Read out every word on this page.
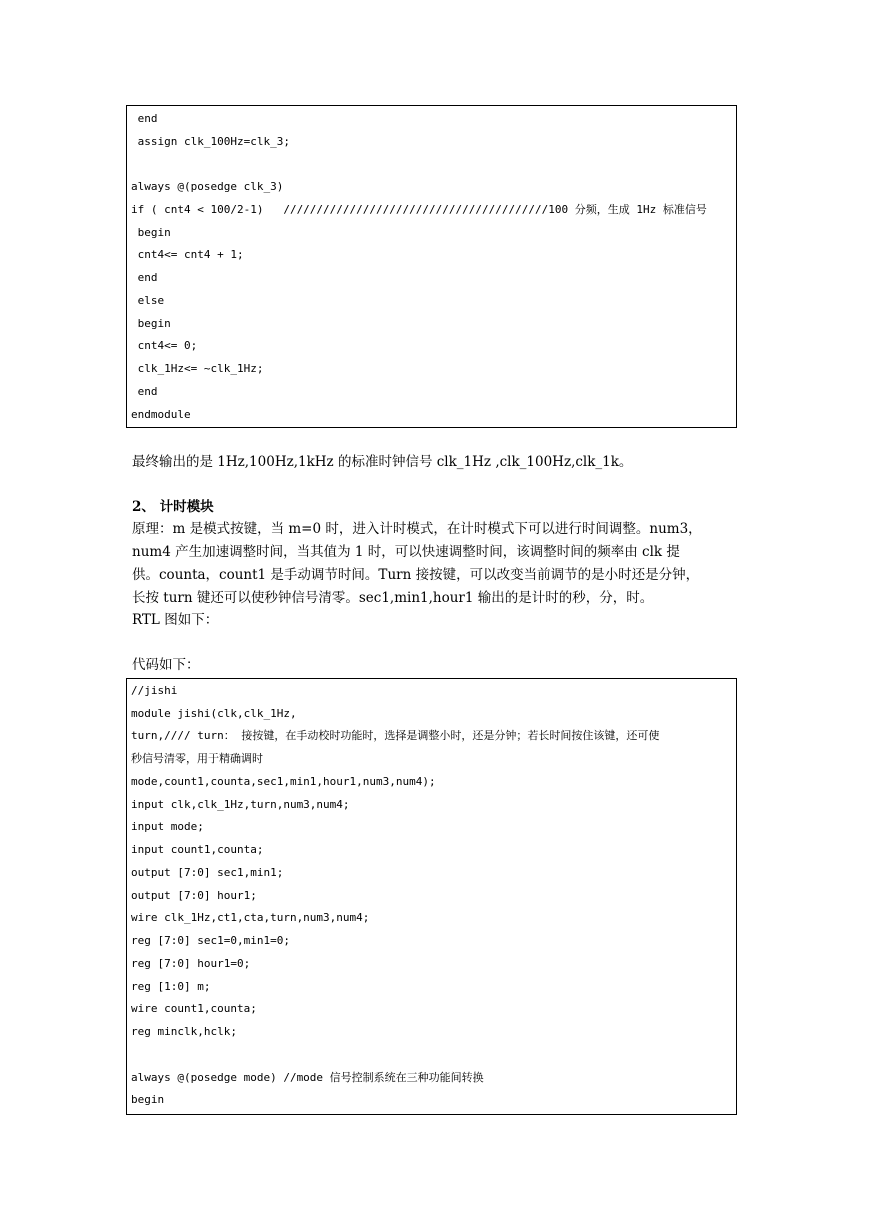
end
assign clk_100Hz=clk_3;
always @(posedge clk_3)
if ( cnt4 < 100/2-1)   ////////////////////////////////////////100 分频，生成 1Hz 标准信号
begin
cnt4<= cnt4 + 1;
end
else
begin
cnt4<= 0;
clk_1Hz<= ~clk_1Hz;
end
endmodule
最终输出的是 1Hz,100Hz,1kHz 的标准时钟信号 clk_1Hz ,clk_100Hz,clk_1k。
2、 计时模块
原理：m 是模式按键，当 m=0 时，进入计时模式，在计时模式下可以进行时间调整。num3，
num4 产生加速调整时间，当其值为 1 时，可以快速调整时间，该调整时间的频率由 clk 提
供。counta，count1 是手动调节时间。Turn 接按键，可以改变当前调节的是小时还是分钟，
长按 turn 键还可以使秒钟信号清零。sec1,min1,hour1 输出的是计时的秒，分，时。
RTL 图如下：
代码如下：
//jishi
module jishi(clk,clk_1Hz,
turn,//// turn： 接按键，在手动校时功能时，选择是调整小时，还是分钟；若长时间按住该键，还可使
秒信号清零，用于精确调时
mode,count1,counta,sec1,min1,hour1,num3,num4);
input clk,clk_1Hz,turn,num3,num4;
input mode;
input count1,counta;
output [7:0] sec1,min1;
output [7:0] hour1;
wire clk_1Hz,ct1,cta,turn,num3,num4;
reg [7:0] sec1=0,min1=0;
reg [7:0] hour1=0;
reg [1:0] m;
wire count1,counta;
reg minclk,hclk;
always @(posedge mode) //mode 信号控制系统在三种功能间转换
begin
